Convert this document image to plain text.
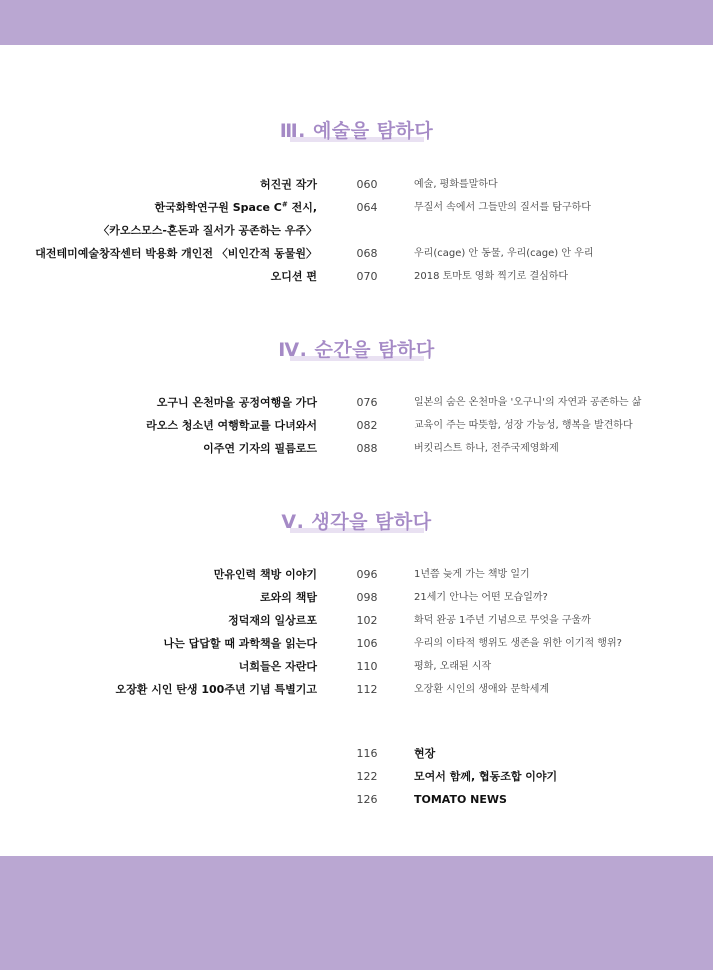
Ⅲ. 예술을 탐하다
허진권 작가	060	예술, 평화를말하다
한국화학연구원 Space C# 전시,	064	무질서 속에서 그들만의 질서를 탐구하다
〈카오스모스-혼돈과 질서가 공존하는 우주〉
대전테미예술창작센터 박용화 개인전 〈비인간적 동물원〉	068	우리(cage) 안 동물, 우리(cage) 안 우리
오디션 편	070	2018 토마토 영화 찍기로 결심하다
Ⅳ. 순간을 탐하다
오구니 온천마을 공정여행을 가다	076	일본의 숨은 온천마을 '오구니'의 자연과 공존하는 삶
라오스 청소년 여행학교를 다녀와서	082	교육이 주는 따뜻함, 성장 가능성, 행복을 발견하다
이주연 기자의 필름로드	088	버킷리스트 하나, 전주국제영화제
Ⅴ. 생각을 탐하다
만유인력 책방 이야기	096	1년쯤 늦게 가는 책방 일기
로와의 책탐	098	21세기 안나는 어떤 모습일까?
정덕재의 일상르포	102	화덕 완공 1주년 기념으로 무엇을 구울까
나는 답답할 때 과학책을 읽는다	106	우리의 이타적 행위도 생존을 위한 이기적 행위?
너희들은 자란다	110	평화, 오래된 시작
오장환 시인 탄생 100주년 기념 특별기고	112	오장환 시인의 생애와 문학세계
116	현장
122	모여서 함께, 협동조합 이야기
126	TOMATO NEWS
